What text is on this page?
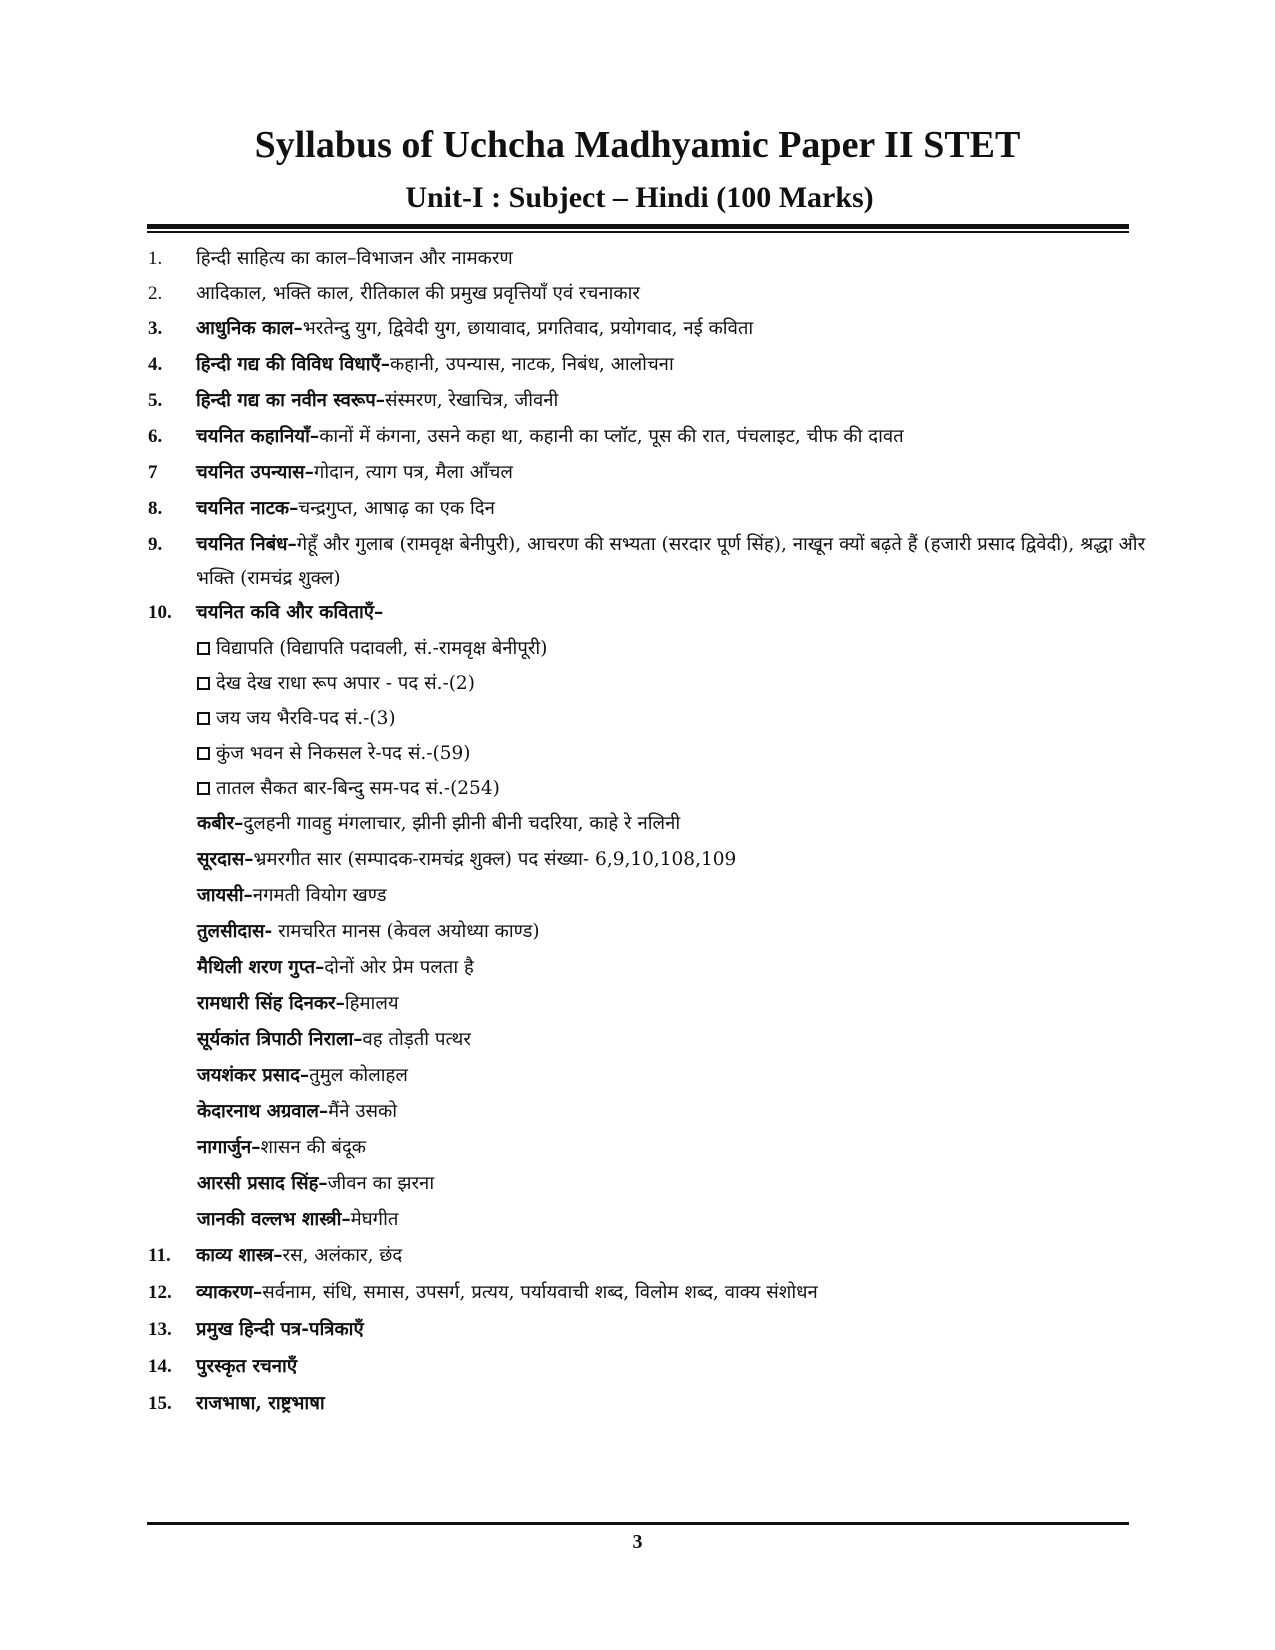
Syllabus of Uchcha Madhyamic Paper II STET
Unit-I : Subject – Hindi (100 Marks)
1. हिन्दी साहित्य का काल–विभाजन और नामकरण
2. आदिकाल, भक्ति काल, रीतिकाल की प्रमुख प्रवृत्तियाँ एवं रचनाकार
3. आधुनिक काल–भरतेन्दु युग, द्विवेदी युग, छायावाद, प्रगतिवाद, प्रयोगवाद, नई कविता
4. हिन्दी गद्य की विविध विधाएँ–कहानी, उपन्यास, नाटक, निबंध, आलोचना
5. हिन्दी गद्य का नवीन स्वरूप–संस्मरण, रेखाचित्र, जीवनी
6. चयनित कहानियाँ–कानों में कंगना, उसने कहा था, कहानी का प्लॉट, पूस की रात, पंचलाइट, चीफ की दावत
7 चयनित उपन्यास–गोदान, त्याग पत्र, मैला आँचल
8. चयनित नाटक–चन्द्रगुप्त, आषाढ़ का एक दिन
9. चयनित निबंध–गेहूँ और गुलाब (रामवृक्ष बेनीपुरी), आचरण की सभ्यता (सरदार पूर्ण सिंह), नाखून क्यों बढ़ते हैं (हजारी प्रसाद द्विवेदी), श्रद्धा और भक्ति (रामचंद्र शुक्ल)
10. चयनित कवि और कविताएँ–
विद्यापति (विद्यापति पदावली, सं.-रामवृक्ष बेनीपूरी)
देख देख राधा रूप अपार - पद सं.-(2)
जय जय भैरवि-पद सं.-(3)
कुंज भवन से निकसल रे-पद सं.-(59)
तातल सैकत बार-बिन्दु सम-पद सं.-(254)
कबीर–दुलहनी गावहु मंगलाचार, झीनी झीनी बीनी चदरिया, काहे रे नलिनी
सूरदास–भ्रमरगीत सार (सम्पादक-रामचंद्र शुक्ल) पद संख्या- 6,9,10,108,109
जायसी–नगमती वियोग खण्ड
तुलसीदास- रामचरित मानस (केवल अयोध्या काण्ड)
मैथिली शरण गुप्त–दोनों ओर प्रेम पलता है
रामधारी सिंह दिनकर–हिमालय
सूर्यकांत त्रिपाठी निराला–वह तोड़ती पत्थर
जयशंकर प्रसाद–तुमुल कोलाहल
केदारनाथ अग्रवाल–मैंने उसको
नागार्जुन–शासन की बंदूक
आरसी प्रसाद सिंह–जीवन का झरना
जानकी वल्लभ शास्त्री–मेघगीत
11. काव्य शास्त्र–रस, अलंकार, छंद
12. व्याकरण–सर्वनाम, संधि, समास, उपसर्ग, प्रत्यय, पर्यायवाची शब्द, विलोम शब्द, वाक्य संशोधन
13. प्रमुख हिन्दी पत्र-पत्रिकाएँ
14. पुरस्कृत रचनाएँ
15. राजभाषा, राष्ट्रभाषा
3
